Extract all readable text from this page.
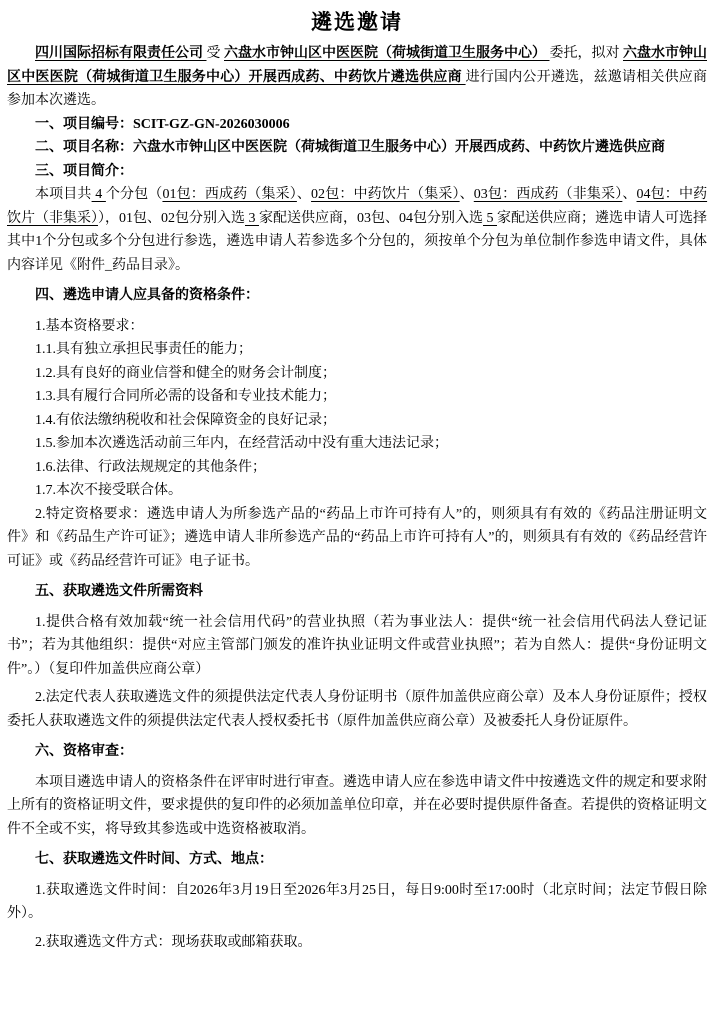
遴选邀请

四川国际招标有限责任公司 受 六盘水市钟山区中医医院（荷城街道卫生服务中心） 委托，拟对 六盘水市钟山区中医医院（荷城街道卫生服务中心）开展西成药、中药饮片遴选供应商 进行国内公开遴选，兹邀请相关供应商参加本次遴选。

一、项目编号：SCIT-GZ-GN-2026030006

二、项目名称：六盘水市钟山区中医医院（荷城街道卫生服务中心）开展西成药、中药饮片遴选供应商

三、项目简介：

本项目共 4 个分包（01包：西成药（集采）、02包：中药饮片（集采）、03包：西成药（非集采）、04包：中药饮片（非集采）），01包、02包分别入选 3 家配送供应商，03包、04包分别入选 5 家配送供应商；遴选申请人可选择其中1个分包或多个分包进行参选，遴选申请人若参选多个分包的，须按单个分包为单位制作参选申请文件，具体内容详见《附件_药品目录》。

四、遴选申请人应具备的资格条件：

1.基本资格要求：

1.1.具有独立承担民事责任的能力；

1.2.具有良好的商业信誉和健全的财务会计制度；

1.3.具有履行合同所必需的设备和专业技术能力；

1.4.有依法缴纳税收和社会保障资金的良好记录；

1.5.参加本次遴选活动前三年内，在经营活动中没有重大违法记录；

1.6.法律、行政法规规定的其他条件；

1.7.本次不接受联合体。

2.特定资格要求：遴选申请人为所参选产品的“药品上市许可持有人”的，则须具有有效的《药品注册证明文件》和《药品生产许可证》；遴选申请人非所参选产品的“药品上市许可持有人”的，则须具有有效的《药品经营许可证》或《药品经营许可证》电子证书。

五、获取遴选文件所需资料

1.提供合格有效加载“统一社会信用代码”的营业执照（若为事业法人：提供“统一社会信用代码法人登记证书”；若为其他组织：提供“对应主管部门颁发的准许执业证明文件或营业执照”；若为自然人：提供“身份证明文件”。）（复印件加盖供应商公章）

2.法定代表人获取遴选文件的须提供法定代表人身份证明书（原件加盖供应商公章）及本人身份证原件；授权委托人获取遴选文件的须提供法定代表人授权委托书（原件加盖供应商公章）及被委托人身份证原件。

六、资格审查：

本项目遴选申请人的资格条件在评审时进行审查。遴选申请人应在参选申请文件中按遴选文件的规定和要求附上所有的资格证明文件，要求提供的复印件的必须加盖单位印章，并在必要时提供原件备查。若提供的资格证明文件不全或不实，将导致其参选或中选资格被取消。

七、获取遴选文件时间、方式、地点：

1.获取遴选文件时间：自2026年3月19日至2026年3月25日，每日9:00时至17:00时（北京时间；法定节假日除外）。

2.获取遴选文件方式：现场获取或邮箱获取。
